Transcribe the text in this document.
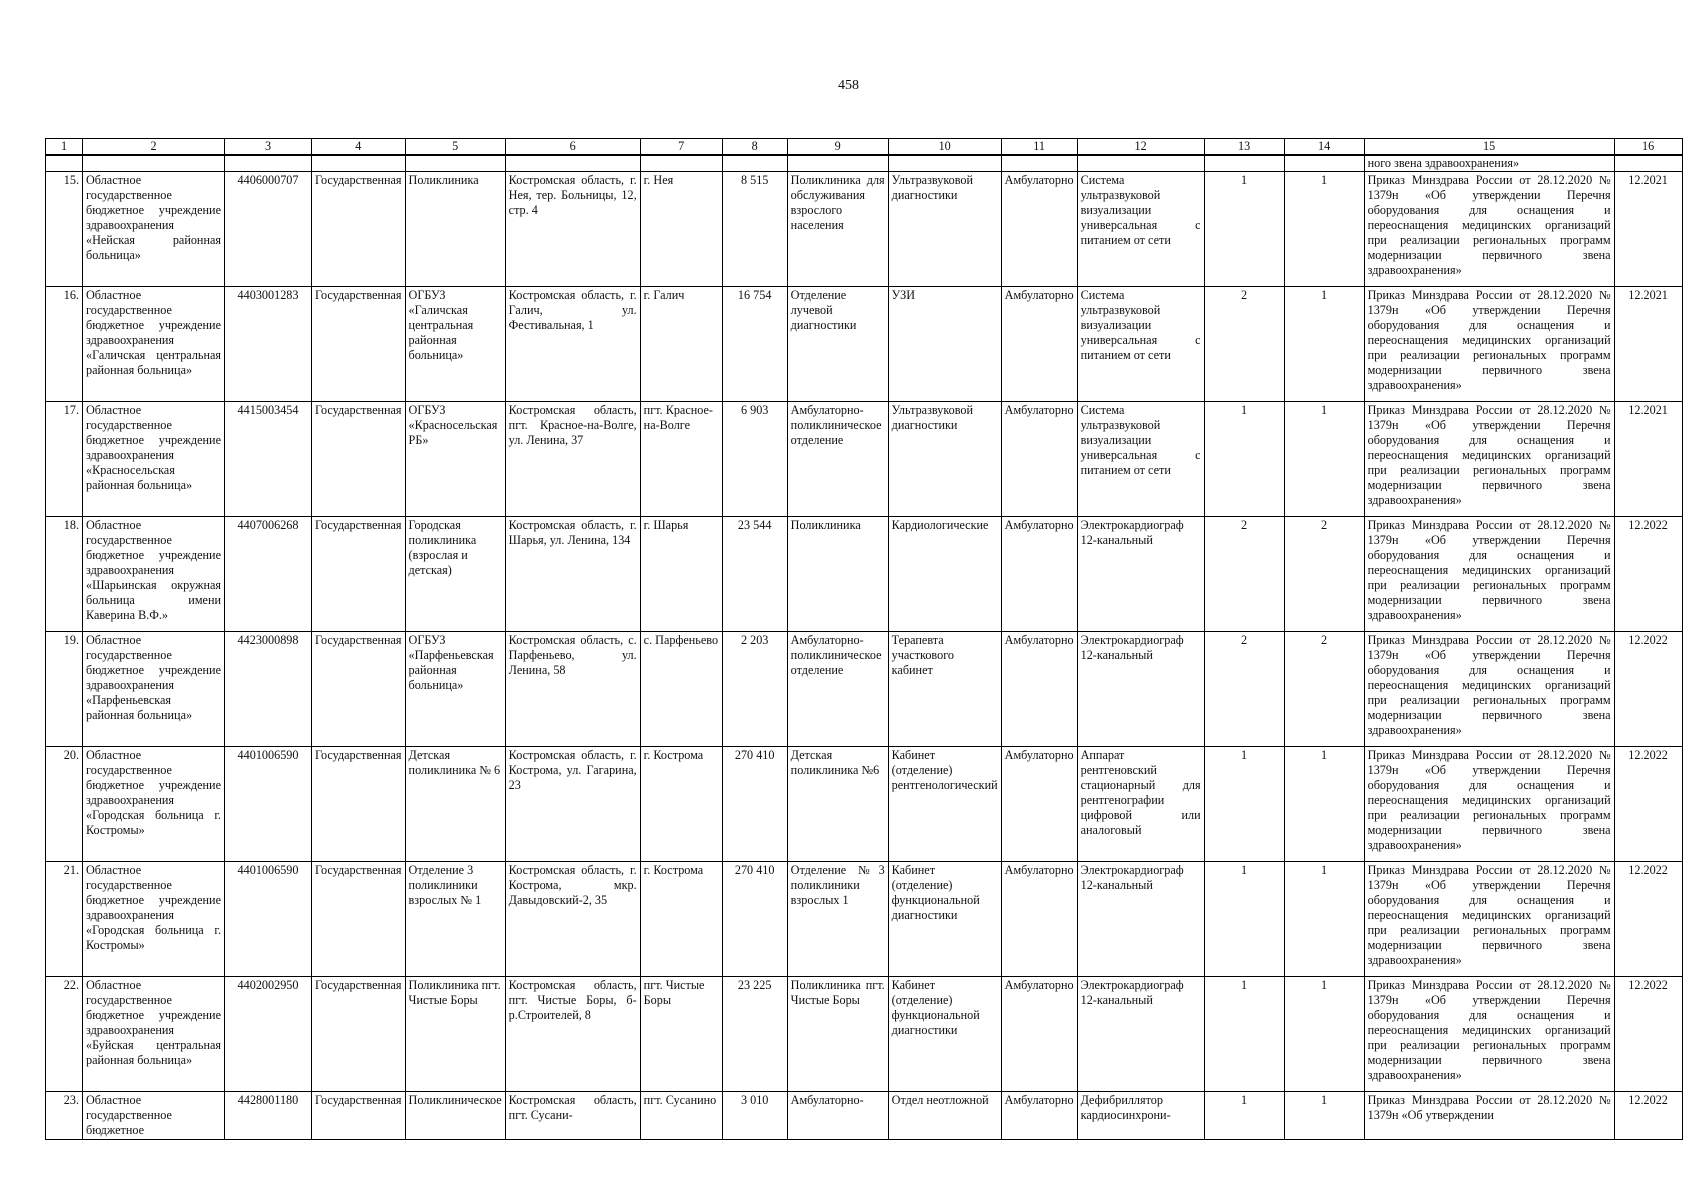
458
1	2	3	4	5	6	7	8	9	10	11	12	13	14	15	16
														ного звена здравоохранения»	
15.	Областное государственное бюджетное учреждение здравоохранения «Нейская районная больница»	4406000707	Государственная	Поликлиника	Костромская область, г. Нея, тер. Больницы, 12, стр. 4	г. Нея	8 515	Поликлиника для обслуживания взрослого населения	Ультразвуковой диагностики	Амбулаторно	Система ультразвуковой визуализации универсальная с питанием от сети	1	1	Приказ Минздрава России от 28.12.2020 № 1379н «Об утверждении Перечня оборудования для оснащения и переоснащения медицинских организаций при реализации региональных программ модернизации первичного звена здравоохранения»	12.2021
16.	Областное государственное бюджетное учреждение здравоохранения «Галичская центральная районная больница»	4403001283	Государственная	ОГБУЗ «Галичская центральная районная больница»	Костромская область, г. Галич, ул. Фестивальная, 1	г. Галич	16 754	Отделение лучевой диагностики	УЗИ	Амбулаторно	Система ультразвуковой визуализации универсальная с питанием от сети	2	1	Приказ Минздрава России от 28.12.2020 № 1379н «Об утверждении Перечня оборудования для оснащения и переоснащения медицинских организаций при реализации региональных программ модернизации первичного звена здравоохранения»	12.2021
17.	Областное государственное бюджетное учреждение здравоохранения «Красносельская районная больница»	4415003454	Государственная	ОГБУЗ «Красносельская РБ»	Костромская область, пгт. Красное-на-Волге, ул. Ленина, 37	пгт. Красное-на-Волге	6 903	Амбулаторно-поликлиническое отделение	Ультразвуковой диагностики	Амбулаторно	Система ультразвуковой визуализации универсальная с питанием от сети	1	1	Приказ Минздрава России от 28.12.2020 № 1379н «Об утверждении Перечня оборудования для оснащения и переоснащения медицинских организаций при реализации региональных программ модернизации первичного звена здравоохранения»	12.2021
18.	Областное государственное бюджетное учреждение здравоохранения «Шарьинская окружная больница имени Каверина В.Ф.»	4407006268	Государственная	Городская поликлиника (взрослая и детская)	Костромская область, г. Шарья, ул. Ленина, 134	г. Шарья	23 544	Поликлиника	Кардиологические	Амбулаторно	Электрокардиограф 12-канальный	2	2	Приказ Минздрава России от 28.12.2020 № 1379н «Об утверждении Перечня оборудования для оснащения и переоснащения медицинских организаций при реализации региональных программ модернизации первичного звена здравоохранения»	12.2022
19.	Областное государственное бюджетное учреждение здравоохранения «Парфеньевская районная больница»	4423000898	Государственная	ОГБУЗ «Парфеньевская районная больница»	Костромская область, с. Парфеньево, ул. Ленина, 58	с. Парфеньево	2 203	Амбулаторно-поликлиническое отделение	Терапевта участкового кабинет	Амбулаторно	Электрокардиограф 12-канальный	2	2	Приказ Минздрава России от 28.12.2020 № 1379н «Об утверждении Перечня оборудования для оснащения и переоснащения медицинских организаций при реализации региональных программ модернизации первичного звена здравоохранения»	12.2022
20.	Областное государственное бюджетное учреждение здравоохранения «Городская больница г. Костромы»	4401006590	Государственная	Детская поликлиника № 6	Костромская область, г. Кострома, ул. Гагарина, 23	г. Кострома	270 410	Детская поликлиника №6	Кабинет (отделение) рентгенологический	Амбулаторно	Аппарат рентгеновский стационарный для рентгенографии цифровой или аналоговый	1	1	Приказ Минздрава России от 28.12.2020 № 1379н «Об утверждении Перечня оборудования для оснащения и переоснащения медицинских организаций при реализации региональных программ модернизации первичного звена здравоохранения»	12.2022
21.	Областное государственное бюджетное учреждение здравоохранения «Городская больница г. Костромы»	4401006590	Государственная	Отделение 3 поликлиники взрослых № 1	Костромская область, г. Кострома, мкр. Давыдовский-2, 35	г. Кострома	270 410	Отделение №3 поликлиники взрослых 1	Кабинет (отделение) функциональной диагностики	Амбулаторно	Электрокардиограф 12-канальный	1	1	Приказ Минздрава России от 28.12.2020 № 1379н «Об утверждении Перечня оборудования для оснащения и переоснащения медицинских организаций при реализации региональных программ модернизации первичного звена здравоохранения»	12.2022
22.	Областное государственное бюджетное учреждение здравоохранения «Буйская центральная районная больница»	4402002950	Государственная	Поликлиника пгт. Чистые Боры	Костромская область, пгт. Чистые Боры, б-р.Строителей, 8	пгт. Чистые Боры	23 225	Поликлиника пгт. Чистые Боры	Кабинет (отделение) функциональной диагностики	Амбулаторно	Электрокардиограф 12-канальный	1	1	Приказ Минздрава России от 28.12.2020 № 1379н «Об утверждении Перечня оборудования для оснащения и переоснащения медицинских организаций при реализации региональных программ модернизации первичного звена здравоохранения»	12.2022
23.	Областное государственное бюджетное	4428001180	Государственная	Поликлиническое	Костромская область, пгт. Сусани-	пгт. Сусанино	3 010	Амбулаторно-	Отдел неотложной	Амбулаторно	Дефибриллятор кардиосинхрони-	1	1	Приказ Минздрава России от 28.12.2020 № 1379н «Об утверждении	12.2022
